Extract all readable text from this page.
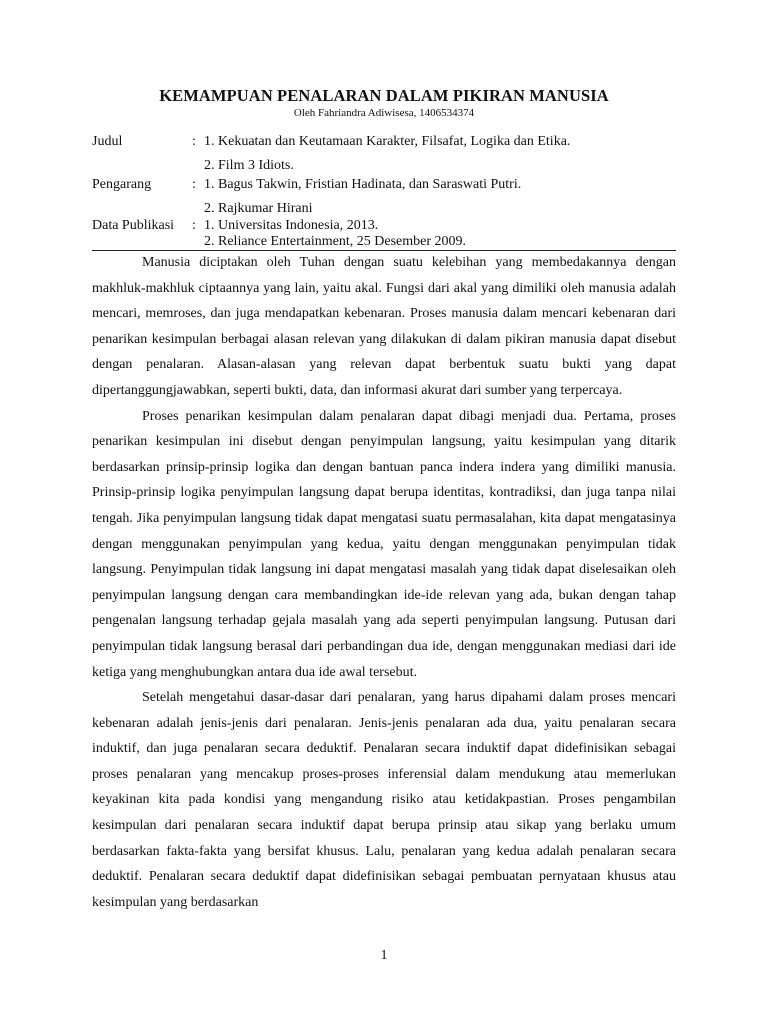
KEMAMPUAN PENALARAN DALAM PIKIRAN MANUSIA
Oleh Fahriandra Adiwisesa, 1406534374
Judul	: 1. Kekuatan dan Keutamaan Karakter, Filsafat, Logika dan Etika.
2. Film 3 Idiots.
Pengarang	: 1. Bagus Takwin, Fristian Hadinata, dan Saraswati Putri.
2. Rajkumar Hirani
Data Publikasi : 1. Universitas Indonesia, 2013.
2. Reliance Entertainment, 25 Desember 2009.

Manusia diciptakan oleh Tuhan dengan suatu kelebihan yang membedakannya dengan makhluk-makhluk ciptaannya yang lain, yaitu akal. Fungsi dari akal yang dimiliki oleh manusia adalah mencari, memroses, dan juga mendapatkan kebenaran. Proses manusia dalam mencari kebenaran dari penarikan kesimpulan berbagai alasan relevan yang dilakukan di dalam pikiran manusia dapat disebut dengan penalaran. Alasan-alasan yang relevan dapat berbentuk suatu bukti yang dapat dipertanggungjawabkan, seperti bukti, data, dan informasi akurat dari sumber yang terpercaya.

Proses penarikan kesimpulan dalam penalaran dapat dibagi menjadi dua. Pertama, proses penarikan kesimpulan ini disebut dengan penyimpulan langsung, yaitu kesimpulan yang ditarik berdasarkan prinsip-prinsip logika dan dengan bantuan panca indera indera yang dimiliki manusia. Prinsip-prinsip logika penyimpulan langsung dapat berupa identitas, kontradiksi, dan juga tanpa nilai tengah. Jika penyimpulan langsung tidak dapat mengatasi suatu permasalahan, kita dapat mengatasinya dengan menggunakan penyimpulan yang kedua, yaitu dengan menggunakan penyimpulan tidak langsung. Penyimpulan tidak langsung ini dapat mengatasi masalah yang tidak dapat diselesaikan oleh penyimpulan langsung dengan cara membandingkan ide-ide relevan yang ada, bukan dengan tahap pengenalan langsung terhadap gejala masalah yang ada seperti penyimpulan langsung. Putusan dari penyimpulan tidak langsung berasal dari perbandingan dua ide, dengan menggunakan mediasi dari ide ketiga yang menghubungkan antara dua ide awal tersebut.

Setelah mengetahui dasar-dasar dari penalaran, yang harus dipahami dalam proses mencari kebenaran adalah jenis-jenis dari penalaran. Jenis-jenis penalaran ada dua, yaitu penalaran secara induktif, dan juga penalaran secara deduktif. Penalaran secara induktif dapat didefinisikan sebagai proses penalaran yang mencakup proses-proses inferensial dalam mendukung atau memerlukan keyakinan kita pada kondisi yang mengandung risiko atau ketidakpastian. Proses pengambilan kesimpulan dari penalaran secara induktif dapat berupa prinsip atau sikap yang berlaku umum berdasarkan fakta-fakta yang bersifat khusus. Lalu, penalaran yang kedua adalah penalaran secara deduktif. Penalaran secara deduktif dapat didefinisikan sebagai pembuatan pernyataan khusus atau kesimpulan yang berdasarkan

1
